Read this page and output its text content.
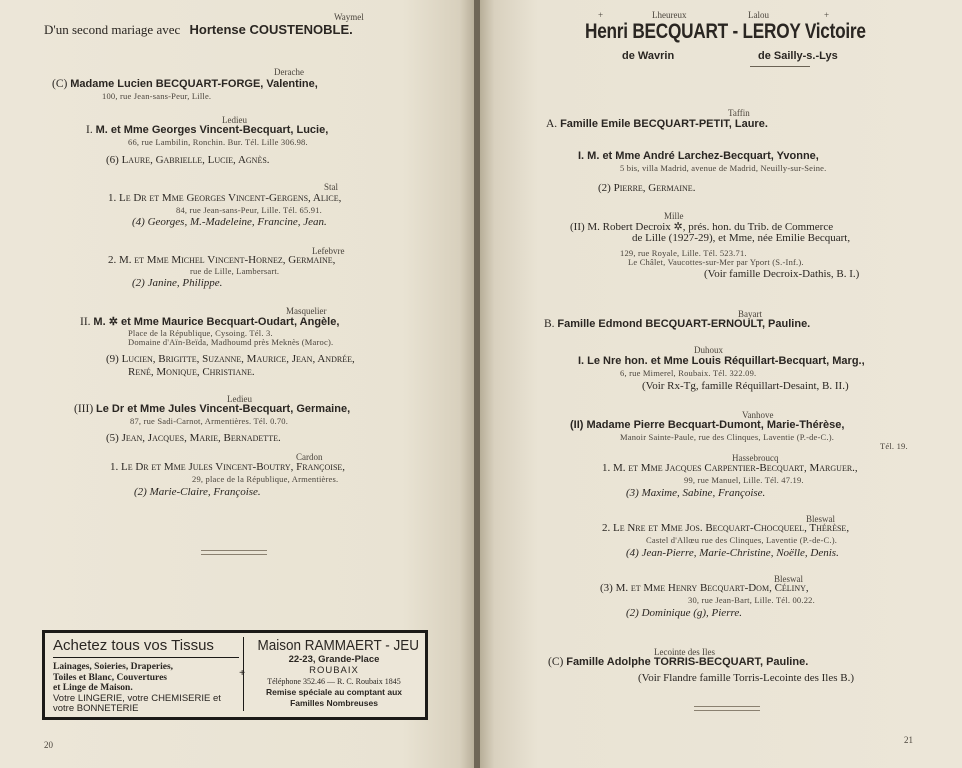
Waymel
D'un second mariage avec Hortense COUSTENOBLE.
Derache
(C) Madame Lucien BECQUART-FORGE, Valentine,
100, rue Jean-sans-Peur, Lille.
Ledieu
I. M. et Mme Georges Vincent-Becquart, Lucie,
66, rue Lambilin, Ronchin. Bur. Tél. Lille 306.98.
(6) Laure, Gabrielle, Lucie, Agnès.
Stal
1. Le Dr et Mme Georges Vincent-Gergens, Alice,
84, rue Jean-sans-Peur, Lille. Tél. 65.91.
(4) Georges, M.-Madeleine, Francine, Jean.
Lefebvre
2. M. et Mme Michel Vincent-Hornez, Germaine,
rue de Lille, Lambersart.
(2) Janine, Philippe.
Masquelier
II. M. ✲ et Mme Maurice Becquart-Oudart, Angèle,
Place de la République, Cysoing. Tél. 3.
Domaine d'Aïn-Beïda, Madhoumd près Meknès (Maroc).
(9) Lucien, Brigitte, Suzanne, Maurice, Jean, Andrée,
René, Monique, Christiane.
Ledieu
(III) Le Dr et Mme Jules Vincent-Becquart, Germaine,
87, rue Sadi-Carnot, Armentières. Tél. 0.70.
(5) Jean, Jacques, Marie, Bernadette.
Cardon
1. Le Dr et Mme Jules Vincent-Boutry, Françoise,
29, place de la République, Armentières.
(2) Marie-Claire, Françoise.
Achetez tous vos Tissus
Lainages, Soieries, Draperies,
Toiles et Blanc, Couvertures
et Linge de Maison.
Votre LINGERIE, votre CHEMISERIE et
votre BONNETERIE
+
Maison RAMMAERT - JEU
22-23, Grande-Place
ROUBAIX
Téléphone 352.46 — R. C. Roubaix 1845
Remise spéciale au comptant aux
Familles Nombreuses
20
+	Lheureux	Lalou	+
Henri BECQUART - LEROY Victoire
de Wavrin	de Sailly-s.-Lys
Taffin
A. Famille Emile BECQUART-PETIT, Laure.
I. M. et Mme André Larchez-Becquart, Yvonne,
5 bis, villa Madrid, avenue de Madrid, Neuilly-sur-Seine.
(2) Pierre, Germaine.
Mille
(II) M. Robert Decroix ✲, prés. hon. du Trib. de Commerce
de Lille (1927-29), et Mme, née Emilie Becquart,
129, rue Royale, Lille. Tél. 523.71.
Le Châlet, Vaucottes-sur-Mer par Yport (S.-Inf.).
(Voir famille Decroix-Dathis, B. I.)
Bayart
B. Famille Edmond BECQUART-ERNOULT, Pauline.
Duhoux
I. Le Nre hon. et Mme Louis Réquillart-Becquart, Marg.,
6, rue Mimerel, Roubaix. Tél. 322.09.
(Voir Rx-Tg, famille Réquillart-Desaint, B. II.)
Vanhove
(II) Madame Pierre Becquart-Dumont, Marie-Thérèse,
Manoir Sainte-Paule, rue des Clinques, Laventie (P.-de-C.).
Tél. 19.
Hassebroucq
1. M. et Mme Jacques Carpentier-Becquart, Marguer.,
99, rue Manuel, Lille. Tél. 47.19.
(3) Maxime, Sabine, Françoise.
Bleswal
2. Le Nre et Mme Jos. Becquart-Chocqueel, Thérèse,
Castel d'Allœu rue des Clinques, Laventie (P.-de-C.).
(4) Jean-Pierre, Marie-Christine, Noëlle, Denis.
Bleswal
(3) M. et Mme Henry Becquart-Dom, Céliny,
30, rue Jean-Bart, Lille. Tél. 00.22.
(2) Dominique (g), Pierre.
Lecointe des Iles
(C) Famille Adolphe TORRIS-BECQUART, Pauline.
(Voir Flandre famille Torris-Lecointe des Iles B.)
21
